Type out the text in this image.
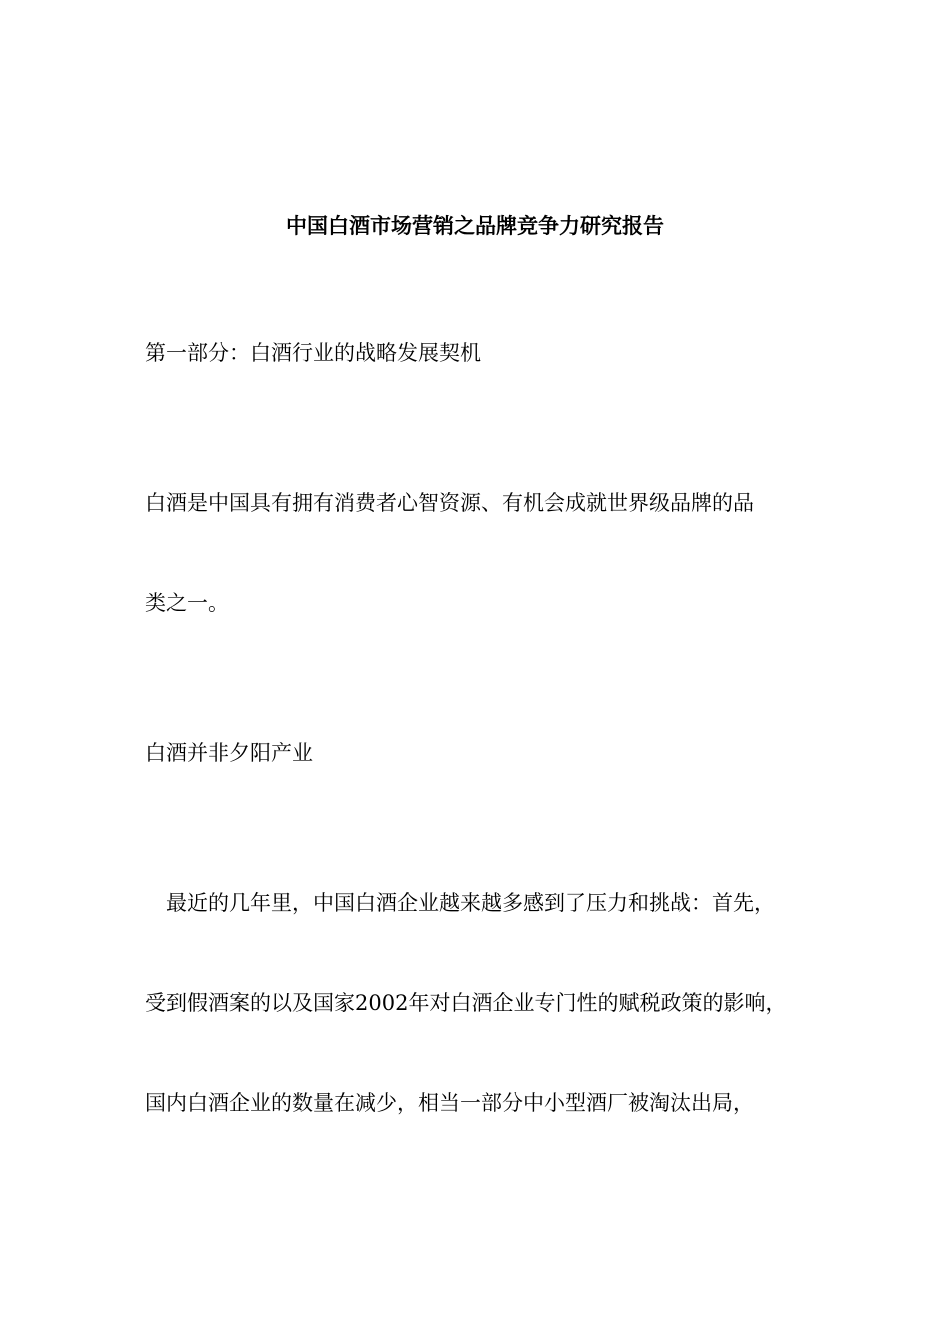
中国白酒市场营销之品牌竞争力研究报告
第一部分：白酒行业的战略发展契机
白酒是中国具有拥有消费者心智资源、有机会成就世界级品牌的品
类之一。
白酒并非夕阳产业
　最近的几年里，中国白酒企业越来越多感到了压力和挑战：首先，
受到假酒案的以及国家2002年对白酒企业专门性的赋税政策的影响，
国内白酒企业的数量在减少，相当一部分中小型酒厂被淘汰出局，
